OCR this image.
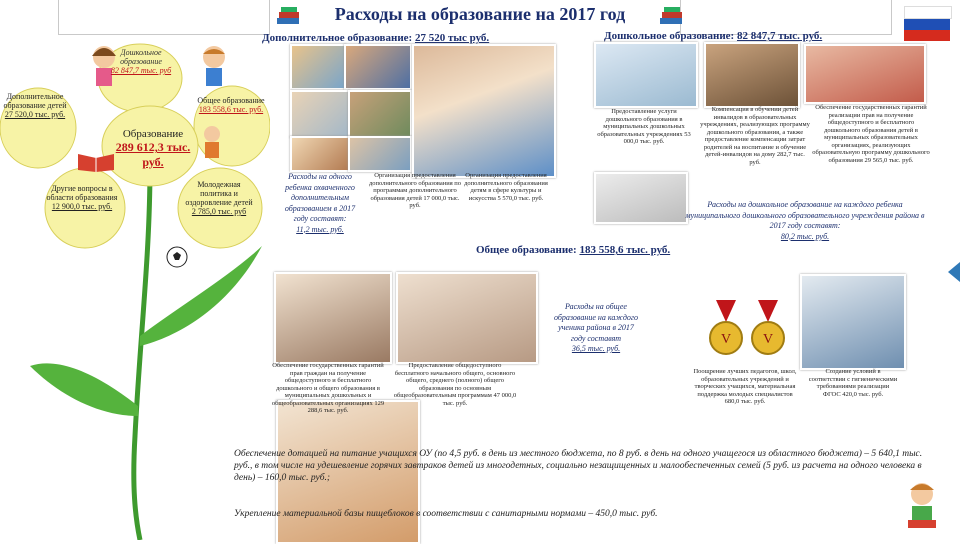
Расходы на образование на 2017 год
Дополнительное образование: 27 520 тыс руб.	Дошкольное образование: 82 847,7 тыс. руб.
Дошкольное образование
82 847,7 тыс. руб
Дополнительное образование детей
27 520,0 тыс. руб.
Общее образование
183 558,6 тыс. руб.
Образование
289 612,3 тыс. руб.
Другие вопросы в области образования
12 900,0 тыс. руб.
Молодежная политика и оздоровление детей
2 785,0 тыс. руб
Расходы на одного ребенка охваченного дополнительным образованием в 2017 году составят:
11,2 тыс. руб.
Организация предоставления дополнительного образования по программам дополнительного образования детей 17 000,0 тыс. руб.
Организация предоставления дополнительного образования детям в сфере культуры и искусства 5 570,0 тыс. руб.
Предоставление услуги дошкольного образования в муниципальных дошкольных образовательных учреждениях 53 000,0 тыс. руб.
Компенсация в обучении детей инвалидов в образовательных учреждениях, реализующих программу дошкольного образования, а также предоставление компенсации затрат родителей на воспитание и обучение детей-инвалидов на дому 282,7 тыс. руб.
Обеспечение государственных гарантий реализации прав на получение общедоступного и бесплатного дошкольного образования детей в муниципальных образовательных организациях, реализующих образовательную программу дошкольного образования 29 565,0 тыс. руб.
Расходы на дошкольное образование на каждого ребенка муниципального дошкольного образовательного учреждения района в 2017 году составят:
80,2 тыс. руб.
Общее образование: 183 558,6 тыс. руб.
Расходы на общее образование на каждого ученика района в 2017 году составят
36,5 тыс. руб.
V V
Обеспечение государственных гарантий прав граждан на получение общедоступного и бесплатного дошкольного и общего образования в муниципальных дошкольных и общеобразовательных организациях 129 288,6 тыс. руб.
Предоставление общедоступного бесплатного начального общего, основного общего, среднего (полного) общего образования по основным общеобразовательным программам 47 000,0 тыс. руб.
Поощрение лучших педагогов, школ, образовательных учреждений и творческих учащихся, материальная поддержка молодых специалистов 680,0 тыс. руб.
Создание условий в соответствии с гигиеническими требованиями реализации ФГОС 420,0 тыс. руб.
Обеспечение дотацией на питание учащихся ОУ (по 4,5 руб. в день из местного бюджета, по 8 руб. в день на одного учащегося из областного бюджета) – 5 640,1 тыс. руб., в том числе на удешевление горячих завтраков детей из многодетных, социально незащищенных и малообеспеченных семей (5 руб. из расчета на одного человека в день) – 160,0 тыс. руб.;
Укрепление материальной базы пищеблоков в соответствии с санитарными нормами – 450,0 тыс. руб.
